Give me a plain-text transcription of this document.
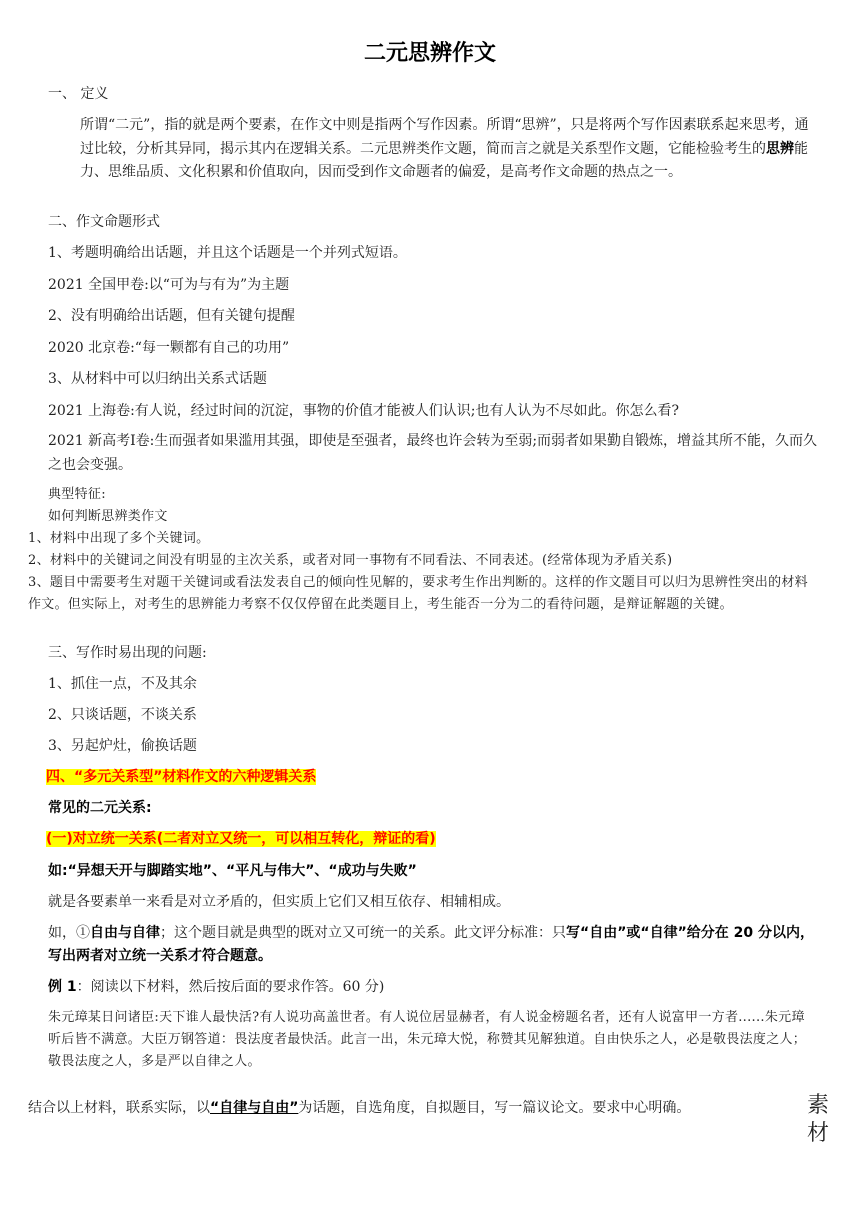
二元思辨作文

一、 定义

所谓“二元”，指的就是两个要素，在作文中则是指两个写作因素。所谓“思辨”，只是将两个写作因素联系起来思考，通过比较，分析其异同，揭示其内在逻辑关系。二元思辨类作文题，简而言之就是关系型作文题，它能检验考生的思辨能力、思维品质、文化积累和价值取向，因而受到作文命题者的偏爱，是高考作文命题的热点之一。

二、作文命题形式

1、考题明确给出话题，并且这个话题是一个并列式短语。

2021 全国甲卷:以“可为与有为”为主题

2、没有明确给出话题，但有关键句提醒

2020 北京卷:“每一颗都有自己的功用”

3、从材料中可以归纳出关系式话题

2021 上海卷:有人说，经过时间的沉淀，事物的价值才能被人们认识;也有人认为不尽如此。你怎么看?

2021 新高考Ⅰ卷:生而强者如果滥用其强，即使是至强者，最终也许会转为至弱;而弱者如果勤自锻炼，增益其所不能，久而久之也会变强。

典型特征:

如何判断思辨类作文

1、材料中出现了多个关键词。

2、材料中的关键词之间没有明显的主次关系，或者对同一事物有不同看法、不同表述。(经常体现为矛盾关系)

3、题目中需要考生对题干关键词或看法发表自己的倾向性见解的，要求考生作出判断的。这样的作文题目可以归为思辨性突出的材料作文。但实际上，对考生的思辨能力考察不仅仅停留在此类题目上，考生能否一分为二的看待问题，是辩证解题的关键。

三、写作时易出现的问题:

1、抓住一点，不及其余

2、只谈话题，不谈关系

3、另起炉灶，偷换话题

四、“多元关系型”材料作文的六种逻辑关系

常见的二元关系:

(一)对立统一关系(二者对立又统一，可以相互转化，辩证的看)

如:“异想天开与脚踏实地”、“平凡与伟大”、“成功与失败”

就是各要素单一来看是对立矛盾的，但实质上它们又相互依存、相辅相成。

如，①自由与自律；这个题目就是典型的既对立又可统一的关系。此文评分标准：只写“自由”或“自律”给分在 20 分以内，写出两者对立统一关系才符合题意。

例 1：阅读以下材料，然后按后面的要求作答。60 分)

朱元璋某日问诸臣:天下谁人最快活?有人说功高盖世者。有人说位居显赫者，有人说金榜题名者，还有人说富甲一方者......朱元璋听后皆不满意。大臣万钢答道：畏法度者最快活。此言一出，朱元璋大悦，称赞其见解独道。自由快乐之人，必是敬畏法度之人；敬畏法度之人，多是严以自律之人。

结合以上材料，联系实际，以“自律与自由”为话题，自选角度，自拟题目，写一篇议论文。要求中心明确。	素材
